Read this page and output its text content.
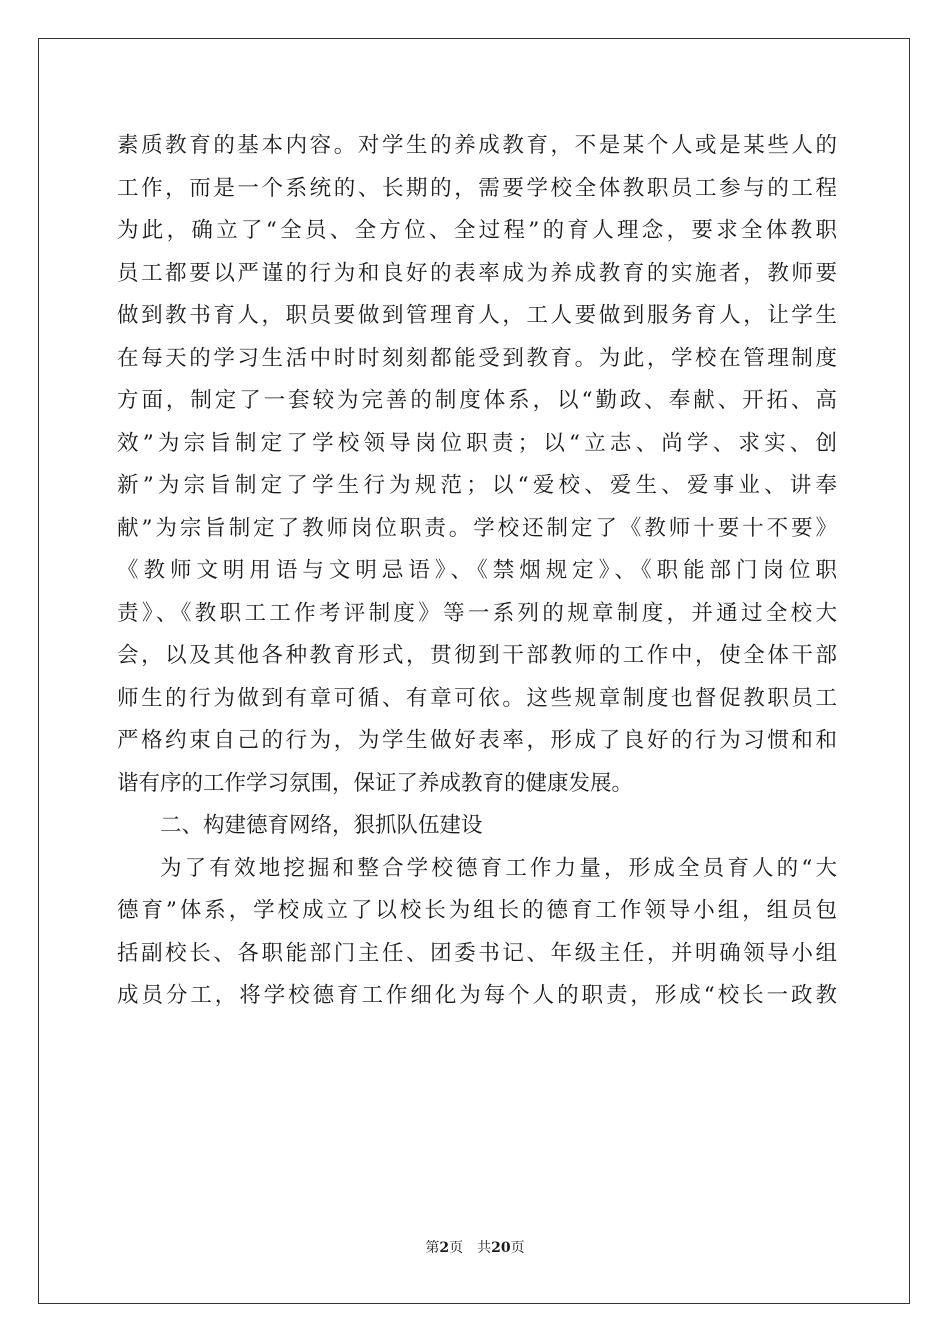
素质教育的基本内容。对学生的养成教育，不是某个人或是某些人的
工作，而是一个系统的、长期的，需要学校全体教职员工参与的工程
为此，确立了“全员、全方位、全过程”的育人理念，要求全体教职
员工都要以严谨的行为和良好的表率成为养成教育的实施者，教师要
做到教书育人，职员要做到管理育人，工人要做到服务育人，让学生
在每天的学习生活中时时刻刻都能受到教育。为此，学校在管理制度
方面，制定了一套较为完善的制度体系，以“勤政、奉献、开拓、高
效”为宗旨制定了学校领导岗位职责；以“立志、尚学、求实、创
新”为宗旨制定了学生行为规范；以“爱校、爱生、爱事业、讲奉
献”为宗旨制定了教师岗位职责。学校还制定了《教师十要十不要》
《教师文明用语与文明忌语》、《禁烟规定》、《职能部门岗位职
责》、《教职工工作考评制度》等一系列的规章制度，并通过全校大
会，以及其他各种教育形式，贯彻到干部教师的工作中，使全体干部
师生的行为做到有章可循、有章可依。这些规章制度也督促教职员工
严格约束自己的行为，为学生做好表率，形成了良好的行为习惯和和
谐有序的工作学习氛围，保证了养成教育的健康发展。
二、构建德育网络，狠抓队伍建设
为了有效地挖掘和整合学校德育工作力量，形成全员育人的“大
德育”体系，学校成立了以校长为组长的德育工作领导小组，组员包
括副校长、各职能部门主任、团委书记、年级主任，并明确领导小组
成员分工，将学校德育工作细化为每个人的职责，形成“校长一政教
第2页　共20页
